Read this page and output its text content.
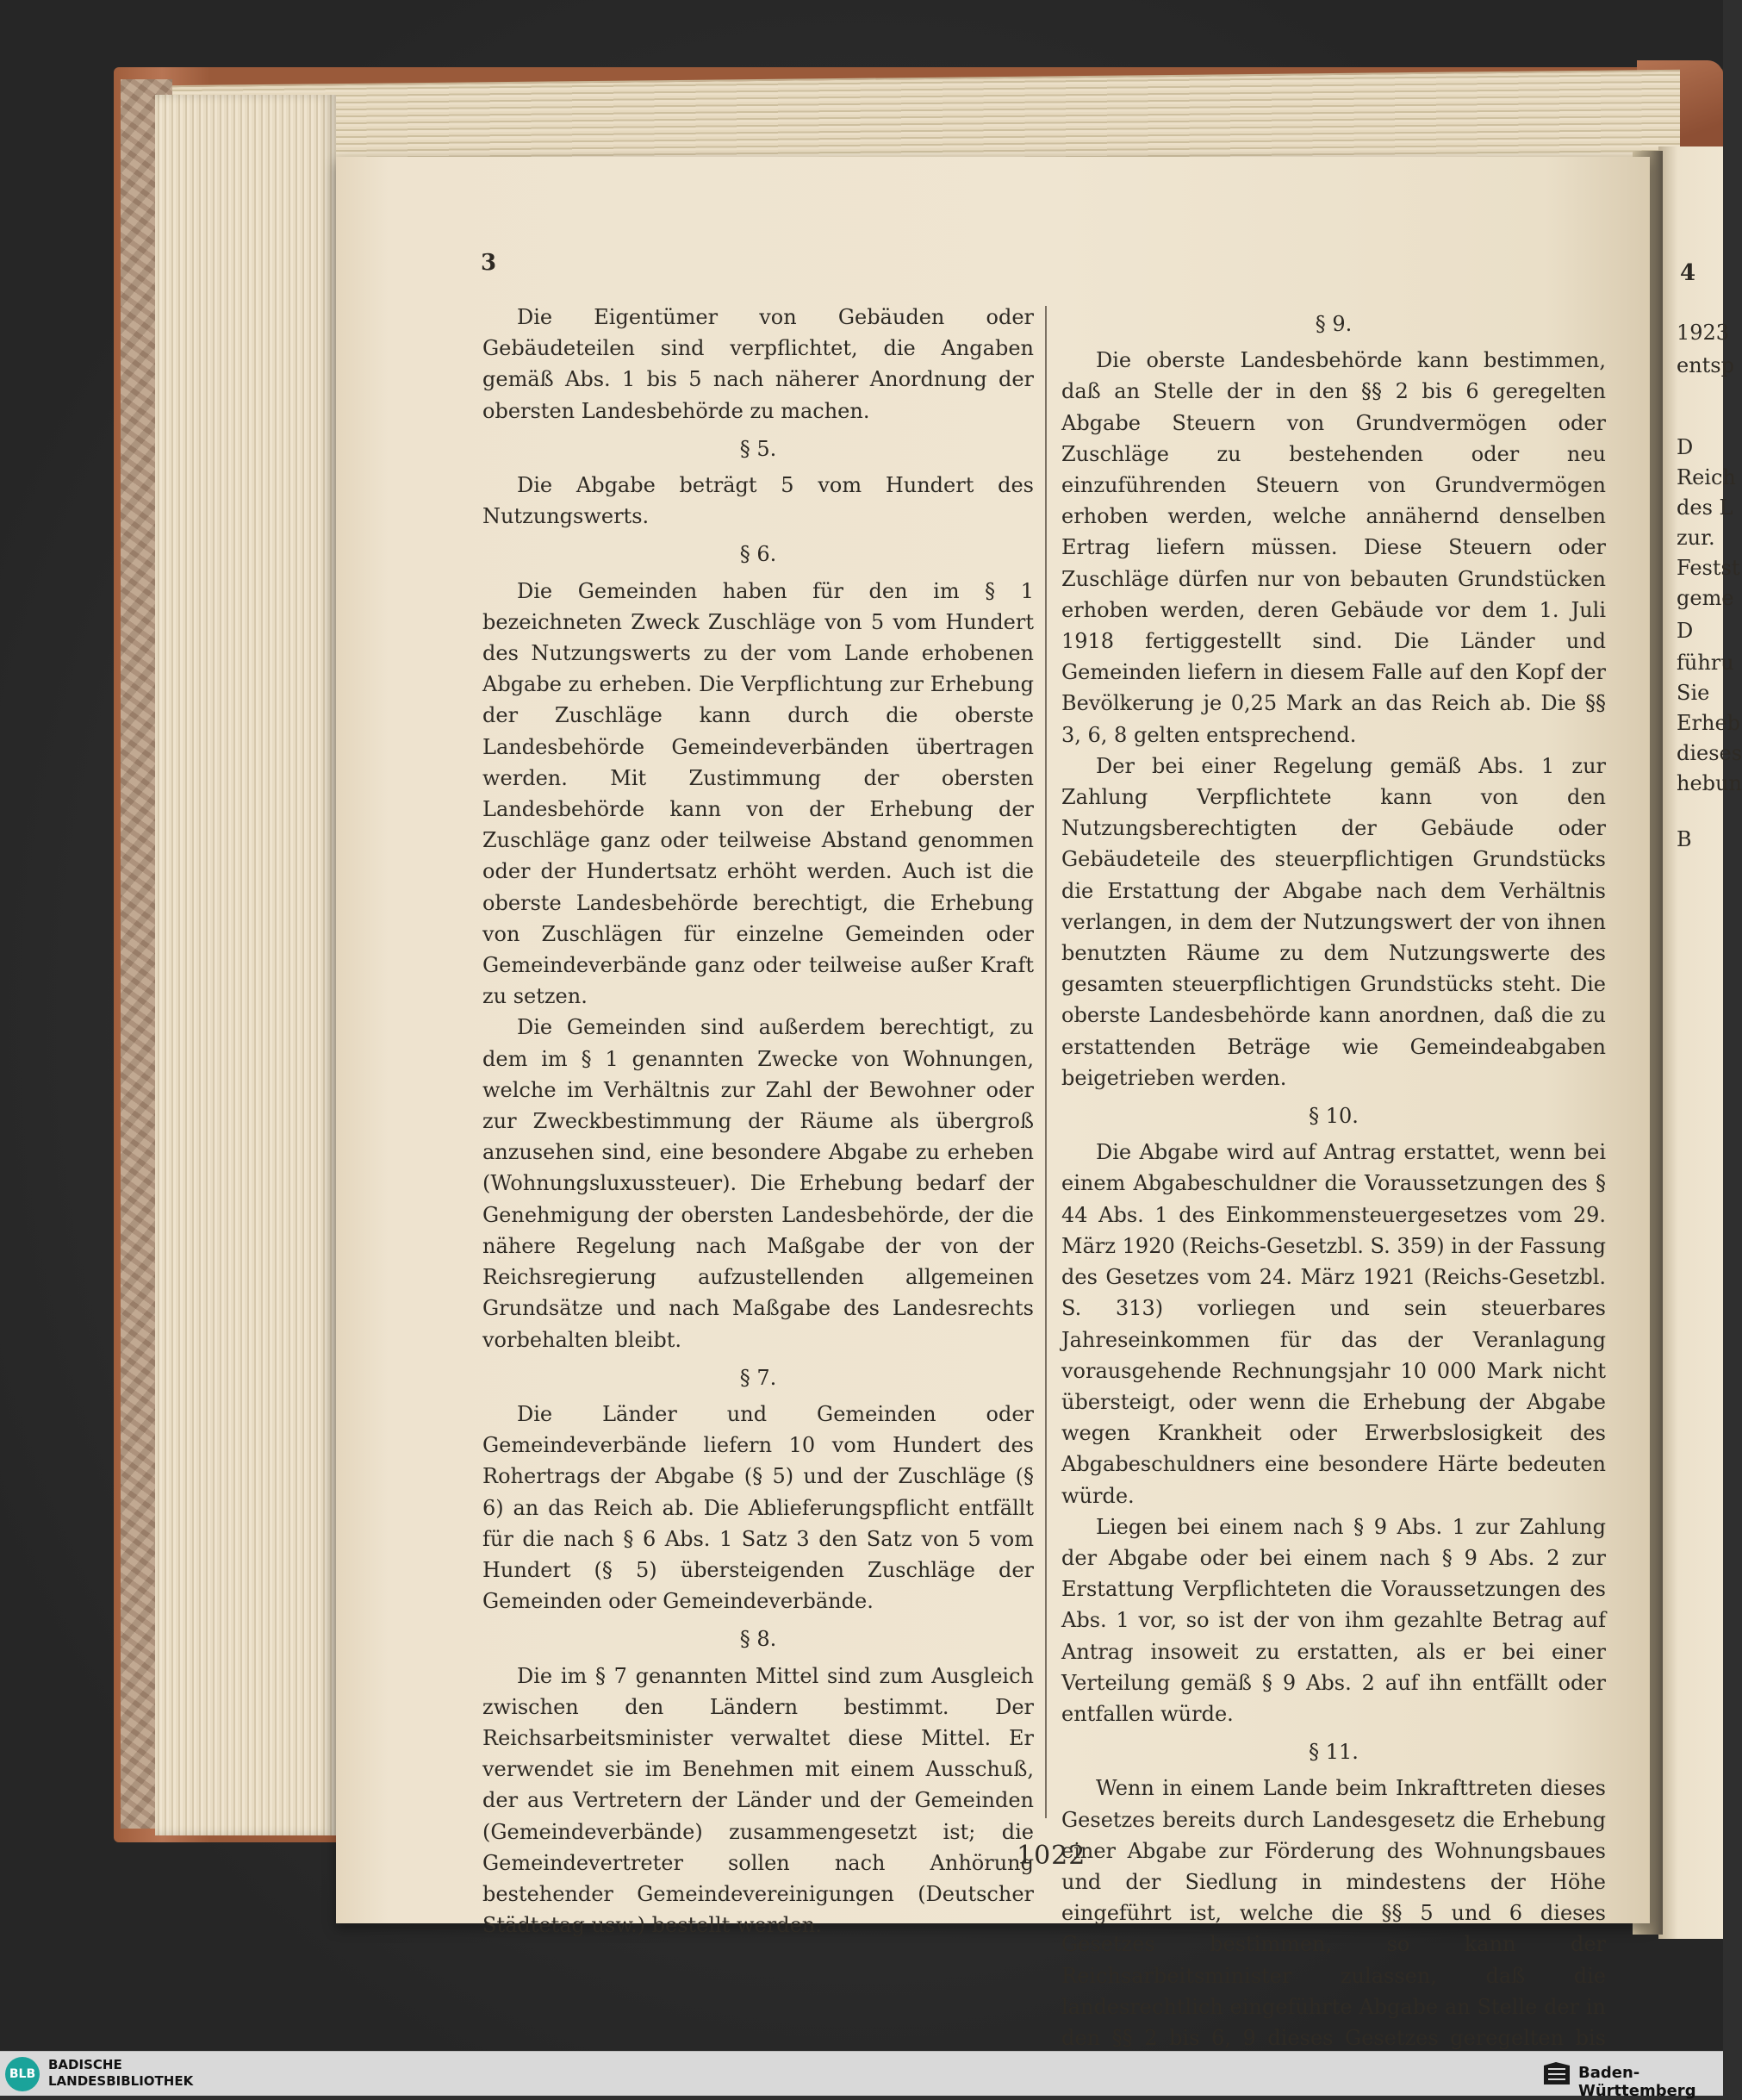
3	4

Die Eigentümer von Gebäuden oder Gebäudeteilen sind verpflichtet, die Angaben gemäß Abs. 1 bis 5 nach näherer Anordnung der obersten Landesbehörde zu machen.

§ 5.

Die Abgabe beträgt 5 vom Hundert des Nutzungswerts.

§ 6.

Die Gemeinden haben für den im § 1 bezeichneten Zweck Zuschläge von 5 vom Hundert des Nutzungswerts zu der vom Lande erhobenen Abgabe zu erheben. Die Verpflichtung zur Erhebung der Zuschläge kann durch die oberste Landesbehörde Gemeindeverbänden übertragen werden. Mit Zustimmung der obersten Landesbehörde kann von der Erhebung der Zuschläge ganz oder teilweise Abstand genommen oder der Hundertsatz erhöht werden. Auch ist die oberste Landesbehörde berechtigt, die Erhebung von Zuschlägen für einzelne Gemeinden oder Gemeindeverbände ganz oder teilweise außer Kraft zu setzen.

Die Gemeinden sind außerdem berechtigt, zu dem im § 1 genannten Zwecke von Wohnungen, welche im Verhältnis zur Zahl der Bewohner oder zur Zweckbestimmung der Räume als übergroß anzusehen sind, eine besondere Abgabe zu erheben (Wohnungsluxussteuer). Die Erhebung bedarf der Genehmigung der obersten Landesbehörde, der die nähere Regelung nach Maßgabe der von der Reichsregierung aufzustellenden allgemeinen Grundsätze und nach Maßgabe des Landesrechts vorbehalten bleibt.

§ 7.

Die Länder und Gemeinden oder Gemeindeverbände liefern 10 vom Hundert des Rohertrags der Abgabe (§ 5) und der Zuschläge (§ 6) an das Reich ab. Die Ablieferungspflicht entfällt für die nach § 6 Abs. 1 Satz 3 den Satz von 5 vom Hundert (§ 5) übersteigenden Zuschläge der Gemeinden oder Gemeindeverbände.

§ 8.

Die im § 7 genannten Mittel sind zum Ausgleich zwischen den Ländern bestimmt. Der Reichsarbeitsminister verwaltet diese Mittel. Er verwendet sie im Benehmen mit einem Ausschuß, der aus Vertretern der Länder und der Gemeinden (Gemeindeverbände) zusammengesetzt ist; die Gemeindevertreter sollen nach Anhörung bestehender Gemeindevereinigungen (Deutscher Städtetag usw.) bestellt werden.

§ 9.

Die oberste Landesbehörde kann bestimmen, daß an Stelle der in den §§ 2 bis 6 geregelten Abgabe Steuern von Grundvermögen oder Zuschläge zu bestehenden oder neu einzuführenden Steuern von Grundvermögen erhoben werden, welche annähernd denselben Ertrag liefern müssen. Diese Steuern oder Zuschläge dürfen nur von bebauten Grundstücken erhoben werden, deren Gebäude vor dem 1. Juli 1918 fertiggestellt sind. Die Länder und Gemeinden liefern in diesem Falle auf den Kopf der Bevölkerung je 0,25 Mark an das Reich ab. Die §§ 3, 6, 8 gelten entsprechend.

Der bei einer Regelung gemäß Abs. 1 zur Zahlung Verpflichtete kann von den Nutzungsberechtigten der Gebäude oder Gebäudeteile des steuerpflichtigen Grundstücks die Erstattung der Abgabe nach dem Verhältnis verlangen, in dem der Nutzungswert der von ihnen benutzten Räume zu dem Nutzungswerte des gesamten steuerpflichtigen Grundstücks steht. Die oberste Landesbehörde kann anordnen, daß die zu erstattenden Beträge wie Gemeindeabgaben beigetrieben werden.

§ 10.

Die Abgabe wird auf Antrag erstattet, wenn bei einem Abgabeschuldner die Voraussetzungen des § 44 Abs. 1 des Einkommensteuergesetzes vom 29. März 1920 (Reichs-Gesetzbl. S. 359) in der Fassung des Gesetzes vom 24. März 1921 (Reichs-Gesetzbl. S. 313) vorliegen und sein steuerbares Jahreseinkommen für das der Veranlagung vorausgehende Rechnungsjahr 10 000 Mark nicht übersteigt, oder wenn die Erhebung der Abgabe wegen Krankheit oder Erwerbslosigkeit des Abgabeschuldners eine besondere Härte bedeuten würde.

Liegen bei einem nach § 9 Abs. 1 zur Zahlung der Abgabe oder bei einem nach § 9 Abs. 2 zur Erstattung Verpflichteten die Voraussetzungen des Abs. 1 vor, so ist der von ihm gezahlte Betrag auf Antrag insoweit zu erstatten, als er bei einer Verteilung gemäß § 9 Abs. 2 auf ihn entfällt oder entfallen würde.

§ 11.

Wenn in einem Lande beim Inkrafttreten dieses Gesetzes bereits durch Landesgesetz die Erhebung einer Abgabe zur Förderung des Wohnungsbaues und der Siedlung in mindestens der Höhe eingeführt ist, welche die §§ 5 und 6 dieses Gesetzes bestimmen, so kann der Reichsarbeitsminister zulassen, daß die landesrechtlich eingeführte Abgabe an Stelle der in den §§ 2 bis 6, 9 dieses Gesetzes geregelten bis

1923
entsp
D
Reich
des L
zur.
Festst
geme
D
führu
Sie
Erheb
dieses
hebun
B
1022
BLB
BADISCHE
LANDESBIBLIOTHEK	Baden-Württemberg
